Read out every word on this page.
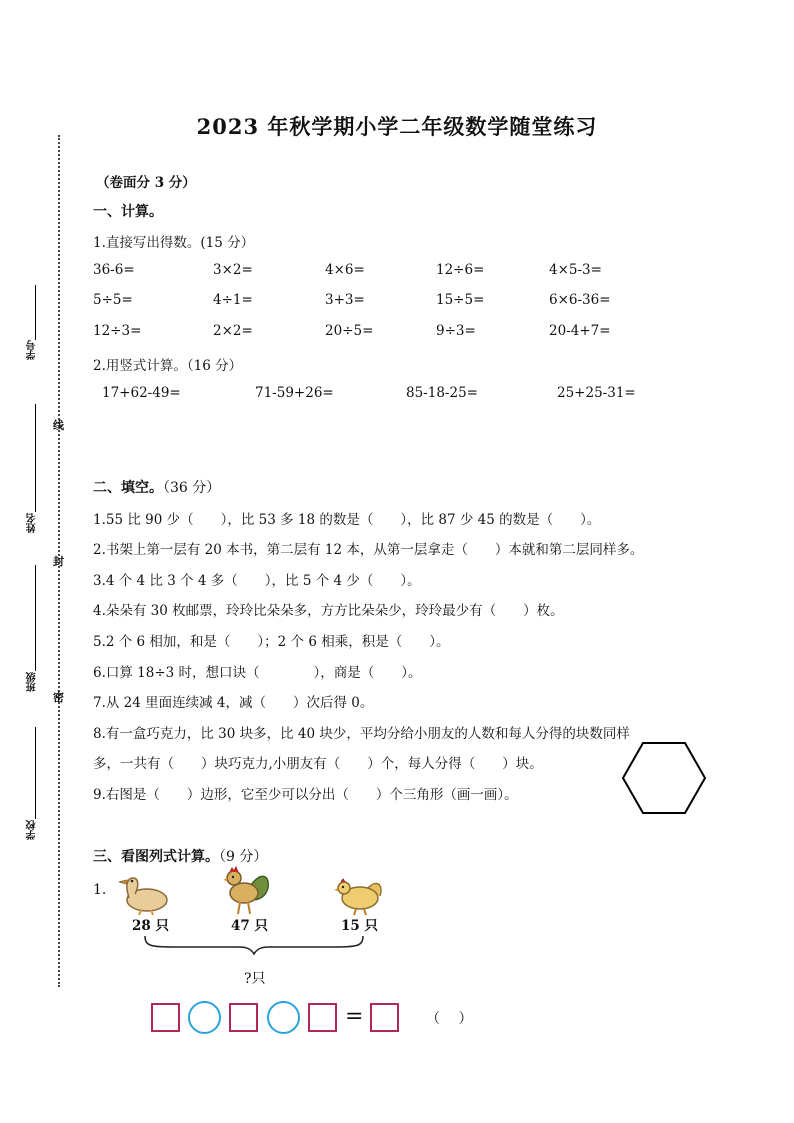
2023 年秋学期小学二年级数学随堂练习
线
封
密
学号
姓名
班级
学校
（卷面分 3 分）
一、计算。
1.直接写出得数。(15 分）
36-6=	3×2=	4×6=	12÷6=	4×5-3=
5÷5=	4÷1=	3+3=	15÷5=	6×6-36=
12÷3=	2×2=	20÷5=	9÷3=	20-4+7=
2.用竖式计算。（16 分）
17+62-49=	71-59+26=	85-18-25=	25+25-31=
二、填空。（36 分）
1.55 比 90 少（　　），比 53 多 18 的数是（　　），比 87 少 45 的数是（　　）。
2.书架上第一层有 20 本书，第二层有 12 本，从第一层拿走（　　）本就和第二层同样多。
3.4 个 4 比 3 个 4 多（　　），比 5 个 4 少（　　）。
4.朵朵有 30 枚邮票，玲玲比朵朵多，方方比朵朵少，玲玲最少有（　　）枚。
5.2 个 6 相加，和是（　　）；2 个 6 相乘，积是（　　）。
6.口算 18÷3 时，想口诀（　　　　），商是（　　）。
7.从 24 里面连续减 4，减（　　）次后得 0。
8.有一盒巧克力，比 30 块多，比 40 块少，平均分给小朋友的人数和每人分得的块数同样
多，一共有（　　）块巧克力,小朋友有（　　）个，每人分得（　　）块。
9.右图是（　　）边形，它至少可以分出（　　）个三角形（画一画）。
三、看图列式计算。（9 分）
1.
28 只	47 只	15 只
?只
=	（　 ）
